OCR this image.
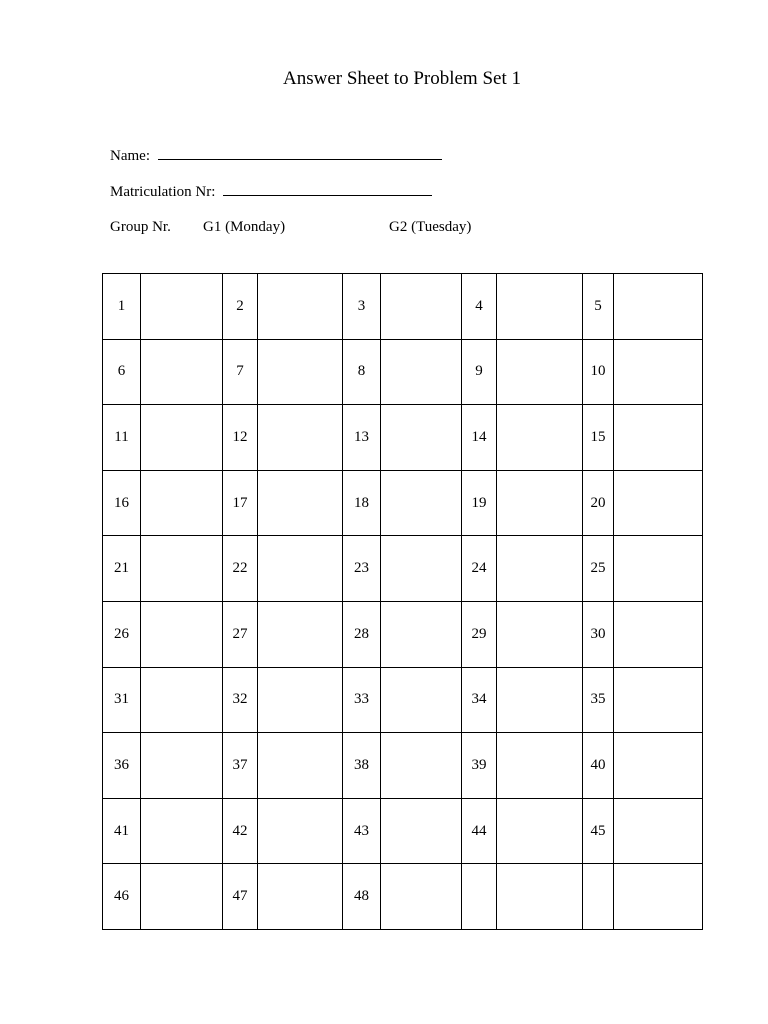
Answer Sheet to Problem Set 1
Name:
Matriculation Nr:
Group Nr. G1 (Monday)	G2 (Tuesday)
1		2		3		4		5	
6		7		8		9		10	
11		12		13		14		15	
16		17		18		19		20	
21		22		23		24		25	
26		27		28		29		30	
31		32		33		34		35	
36		37		38		39		40	
41		42		43		44		45	
46		47		48					
